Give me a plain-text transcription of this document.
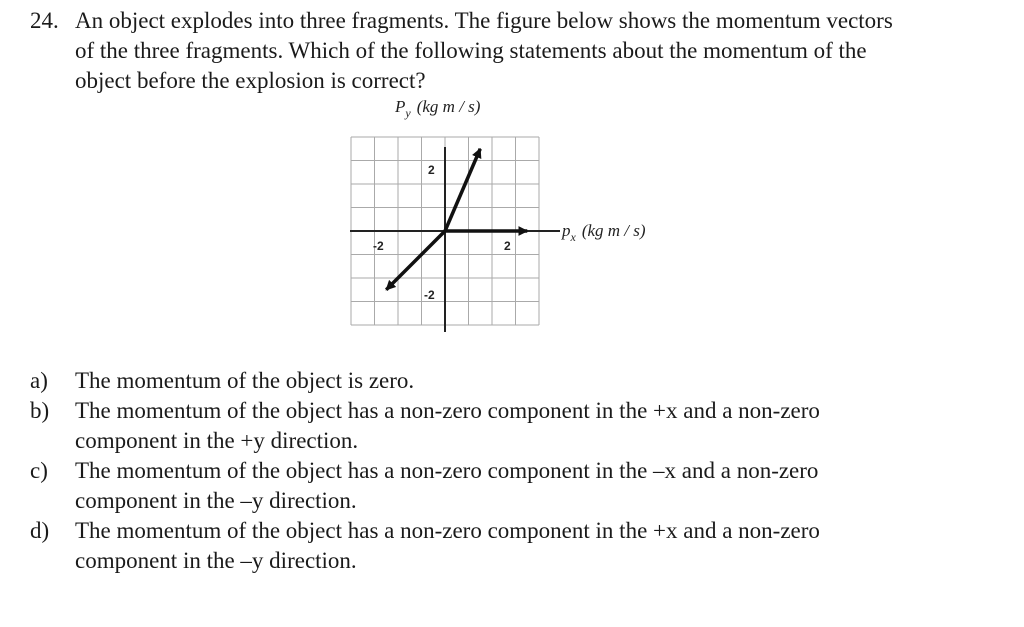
24. An object explodes into three fragments. The figure below shows the momentum vectors
of the three fragments. Which of the following statements about the momentum of the
object before the explosion is correct?
$P_y$ (kg m / s)
2
-2
2
-2
$p_x$ (kg m / s)
a)	The momentum of the object is zero.
b)	The momentum of the object has a non-zero component in the +x and a non-zero
component in the +y direction.
c)	The momentum of the object has a non-zero component in the –x and a non-zero
component in the –y direction.
d)	The momentum of the object has a non-zero component in the +x and a non-zero
component in the –y direction.
